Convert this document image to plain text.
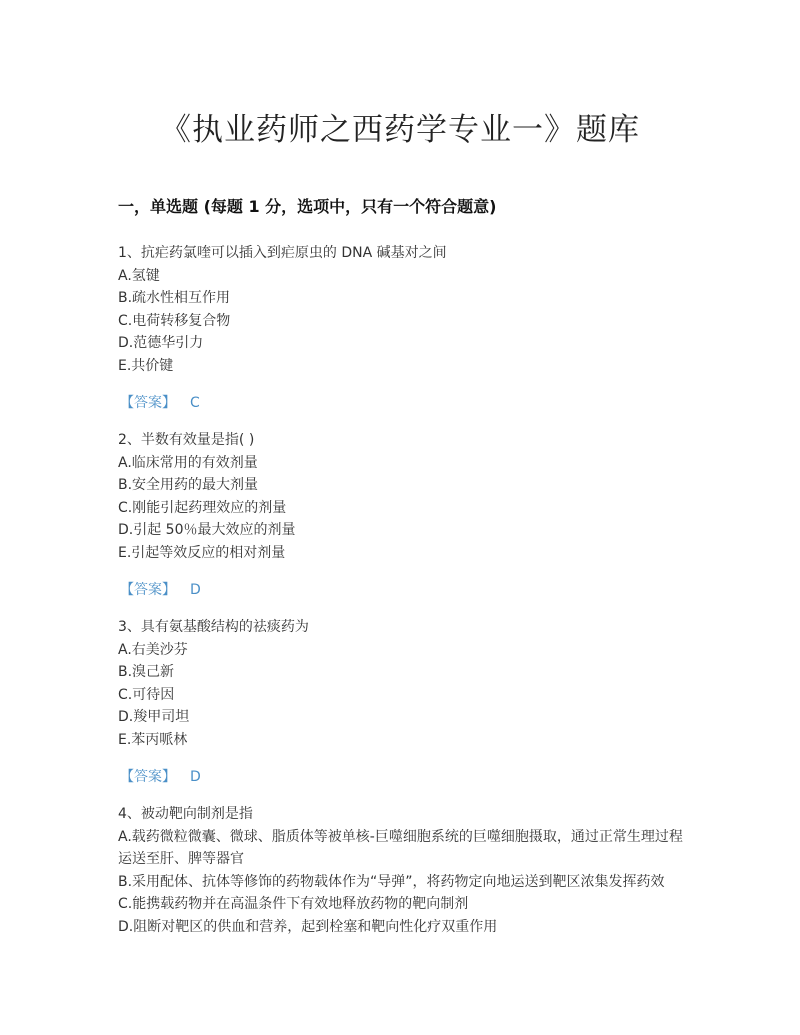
《执业药师之西药学专业一》题库
一，单选题 (每题 1 分，选项中，只有一个符合题意)

1、抗疟药氯喹可以插入到疟原虫的 DNA 碱基对之间

A.氢键

B.疏水性相互作用

C.电荷转移复合物

D.范德华引力

E.共价键

【答案】 C

2、半数有效量是指( )

A.临床常用的有效剂量

B.安全用药的最大剂量

C.刚能引起药理效应的剂量

D.引起 50％最大效应的剂量

E.引起等效反应的相对剂量

【答案】 D

3、具有氨基酸结构的祛痰药为

A.右美沙芬

B.溴己新

C.可待因

D.羧甲司坦

E.苯丙哌林

【答案】 D

4、被动靶向制剂是指

A.载药微粒微囊、微球、脂质体等被单核-巨噬细胞系统的巨噬细胞摄取，通过正常生理过程运送至肝、脾等器官

B.采用配体、抗体等修饰的药物载体作为“导弹”，将药物定向地运送到靶区浓集发挥药效

C.能携载药物并在高温条件下有效地释放药物的靶向制剂

D.阻断对靶区的供血和营养，起到栓塞和靶向性化疗双重作用
